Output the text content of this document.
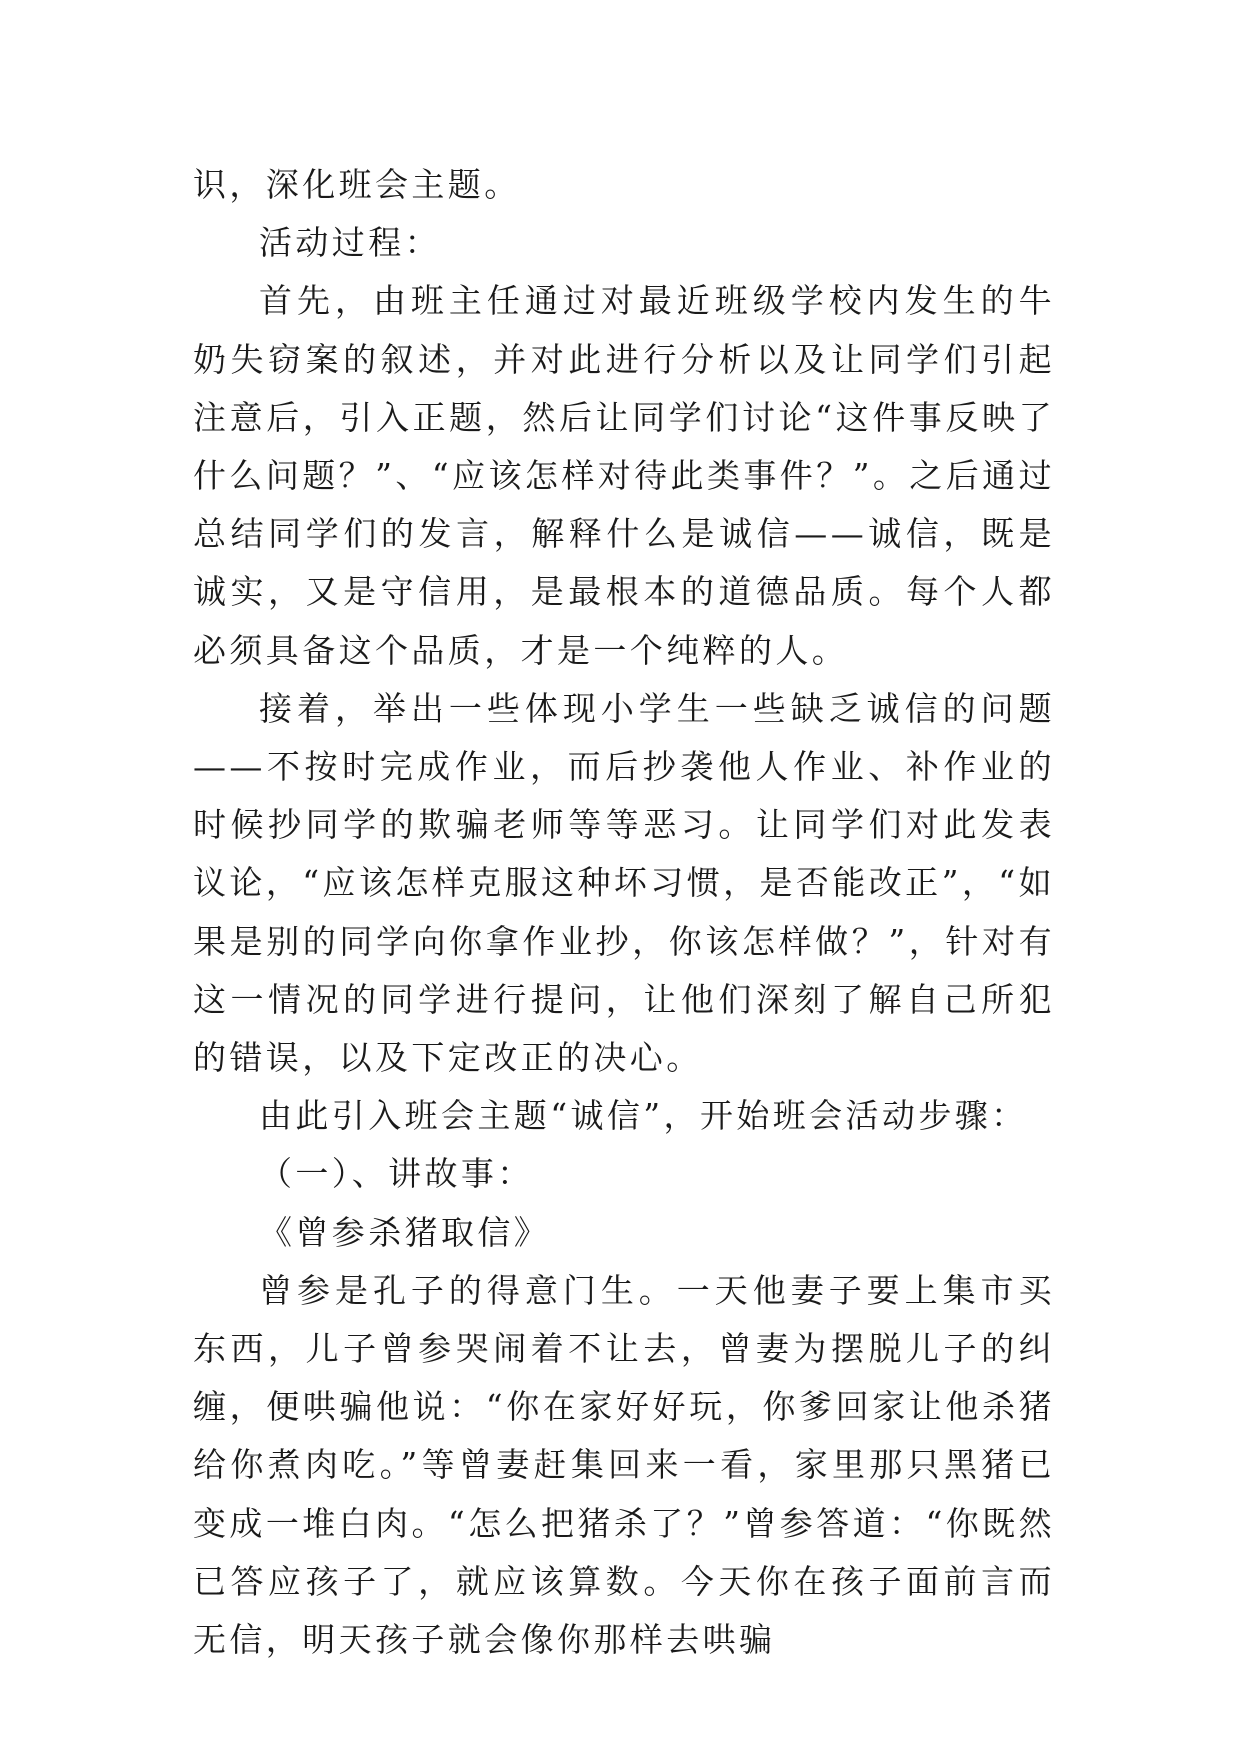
识，深化班会主题。

活动过程：

首先，由班主任通过对最近班级学校内发生的牛奶失窃案的叙述，并对此进行分析以及让同学们引起注意后，引入正题，然后让同学们讨论“这件事反映了什么问题？”、“应该怎样对待此类事件？”。之后通过总结同学们的发言，解释什么是诚信——诚信，既是诚实，又是守信用，是最根本的道德品质。每个人都必须具备这个品质，才是一个纯粹的人。

接着，举出一些体现小学生一些缺乏诚信的问题——不按时完成作业，而后抄袭他人作业、补作业的时候抄同学的欺骗老师等等恶习。让同学们对此发表议论，“应该怎样克服这种坏习惯，是否能改正”，“如果是别的同学向你拿作业抄，你该怎样做？”，针对有这一情况的同学进行提问，让他们深刻了解自己所犯的错误，以及下定改正的决心。

由此引入班会主题“诚信”，开始班会活动步骤：

（一）、讲故事：

《曾参杀猪取信》

曾参是孔子的得意门生。一天他妻子要上集市买东西，儿子曾参哭闹着不让去，曾妻为摆脱儿子的纠缠，便哄骗他说：“你在家好好玩，你爹回家让他杀猪给你煮肉吃。”等曾妻赶集回来一看，家里那只黑猪已变成一堆白肉。“怎么把猪杀了？”曾参答道：“你既然已答应孩子了，就应该算数。今天你在孩子面前言而无信，明天孩子就会像你那样去哄骗
